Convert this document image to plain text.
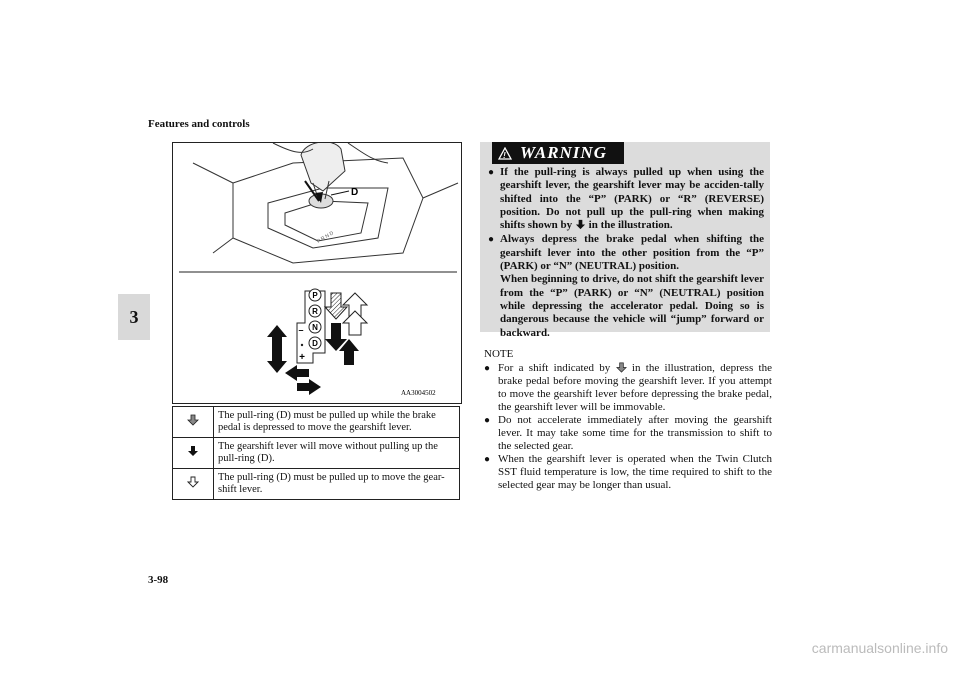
Features and controls
3
3-98
D
P R N D
P
R
N
D
–
+
AA3004502
	The pull-ring (D) must be pulled up while the brake pedal is depressed to move the gearshift lever.
	The gearshift lever will move without pulling up the pull-ring (D).
	The pull-ring (D) must be pulled up to move the gear-shift lever.
! WARNING
● If the pull-ring is always pulled up when using the gearshift lever, the gearshift lever may be acciden-tally shifted into the “P” (PARK) or “R” (REVERSE) position. Do not pull up the pull-ring when making shifts shown by in the illustration.
● Always depress the brake pedal when shifting the gearshift lever into the other position from the “P” (PARK) or “N” (NEUTRAL) position.
When beginning to drive, do not shift the gearshift lever from the “P” (PARK) or “N” (NEUTRAL) position while depressing the accelerator pedal. Doing so is dangerous because the vehicle will “jump” forward or backward.
NOTE
● For a shift indicated by in the illustration, depress the brake pedal before moving the gearshift lever. If you attempt to move the gearshift lever before depressing the brake pedal, the gearshift lever will be immovable.
● Do not accelerate immediately after moving the gearshift lever. It may take some time for the transmission to shift to the selected gear.
● When the gearshift lever is operated when the Twin Clutch SST fluid temperature is low, the time required to shift to the selected gear may be longer than usual.
carmanualsonline.info
